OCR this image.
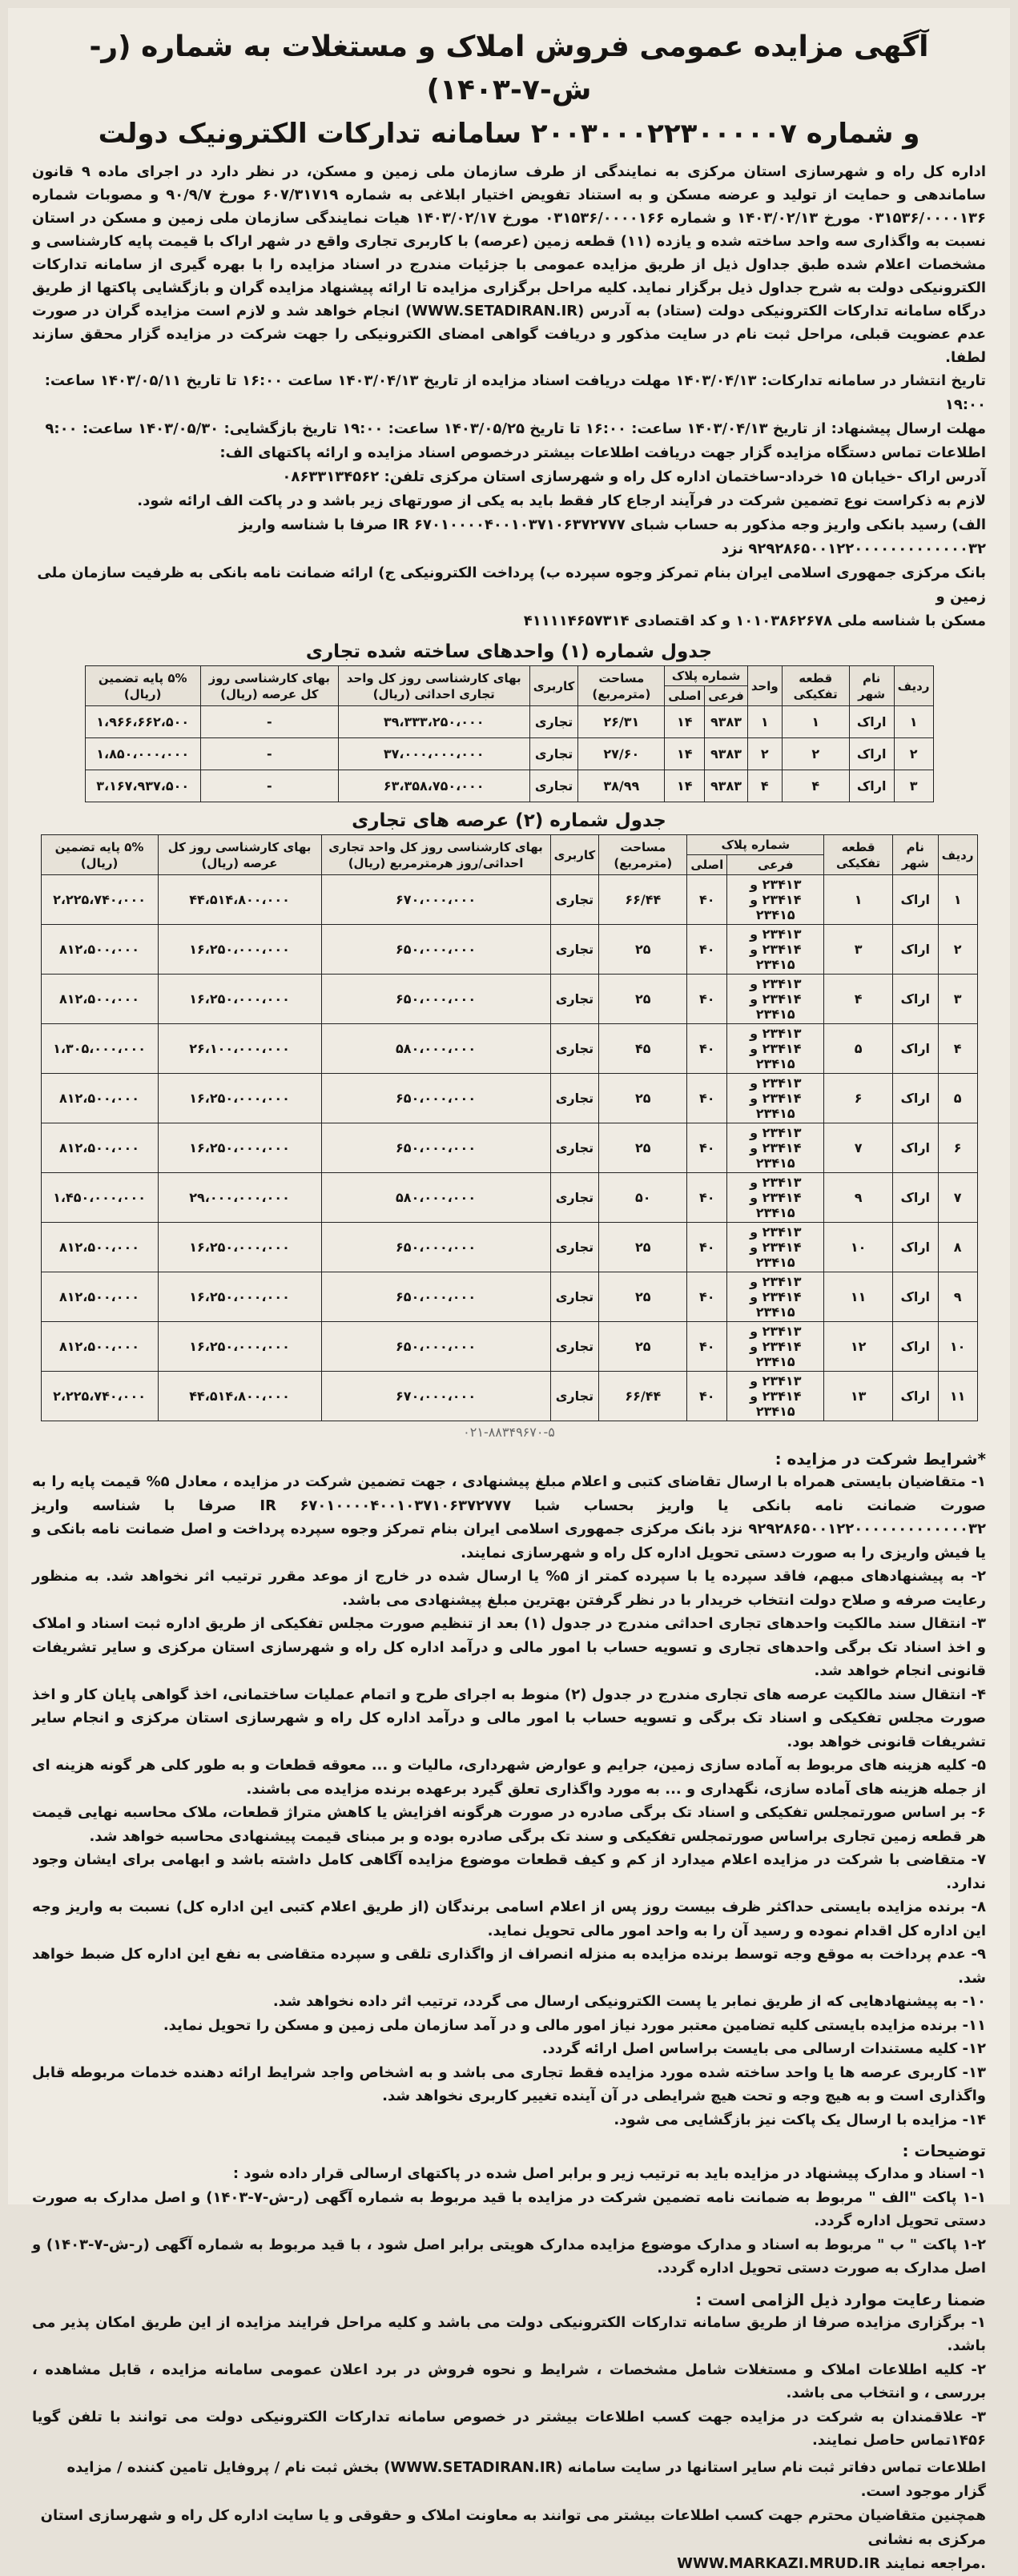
آگهی مزایده عمومی فروش املاک و مستغلات به شماره (ر-ش-۷-۱۴۰۳)
و شماره ۲۰۰۳۰۰۰۲۲۳۰۰۰۰۰۷ سامانه تدارکات الکترونیک دولت

اداره کل راه و شهرسازی استان مرکزی به نمایندگی از طرف سازمان ملی زمین و مسکن، در نظر دارد در اجرای ماده ۹ قانون ساماندهی و حمایت از تولید و عرضه مسکن و به استناد تفویض اختیار ابلاغی به شماره ۶۰۷/۳۱۷۱۹ مورخ ۹۰/۹/۷ و مصوبات شماره ۰۳۱۵۳۶/۰۰۰۰۱۳۶ مورخ ۱۴۰۳/۰۲/۱۳ و شماره ۰۳۱۵۳۶/۰۰۰۰۱۶۶ مورخ ۱۴۰۳/۰۲/۱۷ هیات نمایندگی سازمان ملی زمین و مسکن در استان نسبت به واگذاری سه واحد ساخته شده و یازده (۱۱) قطعه زمین (عرصه) با کاربری تجاری واقع در شهر اراک با قیمت پایه کارشناسی و مشخصات اعلام شده طبق جداول ذیل از طریق مزایده عمومی با جزئیات مندرج در اسناد مزایده را با بهره گیری از سامانه تدارکات الکترونیکی دولت به شرح جداول ذیل برگزار نماید. کلیه مراحل برگزاری مزایده تا ارائه پیشنهاد مزایده گران و بازگشایی پاکتها از طریق درگاه سامانه تدارکات الکترونیکی دولت (ستاد) به آدرس (WWW.SETADIRAN.IR) انجام خواهد شد و لازم است مزایده گران در صورت عدم عضویت قبلی، مراحل ثبت نام در سایت مذکور و دریافت گواهی امضای الکترونیکی را جهت شرکت در مزایده گزار محقق سازند لطفا.

تاریخ انتشار در سامانه تدارکات: ۱۴۰۳/۰۴/۱۳ مهلت دریافت اسناد مزایده از تاریخ ۱۴۰۳/۰۴/۱۳ ساعت ۱۶:۰۰ تا تاریخ ۱۴۰۳/۰۵/۱۱ ساعت: ۱۹:۰۰
مهلت ارسال پیشنهاد: از تاریخ ۱۴۰۳/۰۴/۱۳ ساعت: ۱۶:۰۰ تا تاریخ ۱۴۰۳/۰۵/۲۵ ساعت: ۱۹:۰۰ تاریخ بازگشایی: ۱۴۰۳/۰۵/۳۰ ساعت: ۹:۰۰
اطلاعات تماس دستگاه مزایده گزار جهت دریافت اطلاعات بیشتر درخصوص اسناد مزایده و ارائه پاکتهای الف:
آدرس اراک -خیابان ۱۵ خرداد-ساختمان اداره کل راه و شهرسازی استان مرکزی تلفن: ۰۸۶۳۳۱۳۴۵۶۲
لازم به ذکراست نوع تضمین شرکت در فرآیند ارجاع کار فقط باید به یکی از صورتهای زیر باشد و در پاکت الف ارائه شود.
الف) رسید بانکی واریز وجه مذکور به حساب شبای IR ۶۷۰۱۰۰۰۰۴۰۰۱۰۳۷۱۰۶۳۷۲۷۷۷ صرفا با شناسه واریز ۹۲۹۲۸۶۵۰۰۱۲۲۰۰۰۰۰۰۰۰۰۰۰۰۰۳۲ نزد
بانک مرکزی جمهوری اسلامی ایران بنام تمرکز وجوه سپرده ب) پرداخت الکترونیکی ج) ارائه ضمانت نامه بانکی به ظرفیت سازمان ملی زمین و
مسکن با شناسه ملی ۱۰۱۰۳۸۶۲۶۷۸ و کد اقتصادی ۴۱۱۱۱۴۶۵۷۳۱۴
جدول شماره (۱) واحدهای ساخته شده تجاری
ردیف	نام شهر	قطعه تفکیکی	واحد	شماره پلاک		مساحت (مترمربع)	کاربری	بهای کارشناسی روز کل واحد تجاری احداثی (ریال)	بهای کارشناسی روز کل عرصه (ریال)	۵% پایه تضمین (ریال)
				فرعی	اصلی					
۱	اراک	۱	۱	۹۳۸۳	۱۴	۲۶/۳۱	تجاری	۳۹،۳۳۳،۲۵۰،۰۰۰	-	۱،۹۶۶،۶۶۲،۵۰۰
۲	اراک	۲	۲	۹۳۸۳	۱۴	۲۷/۶۰	تجاری	۳۷،۰۰۰،۰۰۰،۰۰۰	-	۱،۸۵۰،۰۰۰،۰۰۰
۳	اراک	۴	۴	۹۳۸۳	۱۴	۳۸/۹۹	تجاری	۶۳،۳۵۸،۷۵۰،۰۰۰	-	۳،۱۶۷،۹۳۷،۵۰۰
جدول شماره (۲) عرصه های تجاری
ردیف	نام شهر	قطعه تفکیکی	شماره پلاک		مساحت (مترمربع)	کاربری	بهای کارشناسی روز کل واحد تجاری احداثی/روز هرمترمربع (ریال)	بهای کارشناسی روز کل عرصه (ریال)	۵% پایه تضمین (ریال)
			فرعی	اصلی					
۱	اراک	۱	۲۳۴۱۳ و ۲۳۴۱۴ و ۲۳۴۱۵	۴۰	۶۶/۴۴	تجاری	۶۷۰،۰۰۰،۰۰۰	۴۴،۵۱۴،۸۰۰،۰۰۰	۲،۲۲۵،۷۴۰،۰۰۰
۲	اراک	۳	۲۳۴۱۳ و ۲۳۴۱۴ و ۲۳۴۱۵	۴۰	۲۵	تجاری	۶۵۰،۰۰۰،۰۰۰	۱۶،۲۵۰،۰۰۰،۰۰۰	۸۱۲،۵۰۰،۰۰۰
۳	اراک	۴	۲۳۴۱۳ و ۲۳۴۱۴ و ۲۳۴۱۵	۴۰	۲۵	تجاری	۶۵۰،۰۰۰،۰۰۰	۱۶،۲۵۰،۰۰۰،۰۰۰	۸۱۲،۵۰۰،۰۰۰
۴	اراک	۵	۲۳۴۱۳ و ۲۳۴۱۴ و ۲۳۴۱۵	۴۰	۴۵	تجاری	۵۸۰،۰۰۰،۰۰۰	۲۶،۱۰۰،۰۰۰،۰۰۰	۱،۳۰۵،۰۰۰،۰۰۰
۵	اراک	۶	۲۳۴۱۳ و ۲۳۴۱۴ و ۲۳۴۱۵	۴۰	۲۵	تجاری	۶۵۰،۰۰۰،۰۰۰	۱۶،۲۵۰،۰۰۰،۰۰۰	۸۱۲،۵۰۰،۰۰۰
۶	اراک	۷	۲۳۴۱۳ و ۲۳۴۱۴ و ۲۳۴۱۵	۴۰	۲۵	تجاری	۶۵۰،۰۰۰،۰۰۰	۱۶،۲۵۰،۰۰۰،۰۰۰	۸۱۲،۵۰۰،۰۰۰
۷	اراک	۹	۲۳۴۱۳ و ۲۳۴۱۴ و ۲۳۴۱۵	۴۰	۵۰	تجاری	۵۸۰،۰۰۰،۰۰۰	۲۹،۰۰۰،۰۰۰،۰۰۰	۱،۴۵۰،۰۰۰،۰۰۰
۸	اراک	۱۰	۲۳۴۱۳ و ۲۳۴۱۴ و ۲۳۴۱۵	۴۰	۲۵	تجاری	۶۵۰،۰۰۰،۰۰۰	۱۶،۲۵۰،۰۰۰،۰۰۰	۸۱۲،۵۰۰،۰۰۰
۹	اراک	۱۱	۲۳۴۱۳ و ۲۳۴۱۴ و ۲۳۴۱۵	۴۰	۲۵	تجاری	۶۵۰،۰۰۰،۰۰۰	۱۶،۲۵۰،۰۰۰،۰۰۰	۸۱۲،۵۰۰،۰۰۰
۱۰	اراک	۱۲	۲۳۴۱۳ و ۲۳۴۱۴ و ۲۳۴۱۵	۴۰	۲۵	تجاری	۶۵۰،۰۰۰،۰۰۰	۱۶،۲۵۰،۰۰۰،۰۰۰	۸۱۲،۵۰۰،۰۰۰
۱۱	اراک	۱۳	۲۳۴۱۳ و ۲۳۴۱۴ و ۲۳۴۱۵	۴۰	۶۶/۴۴	تجاری	۶۷۰،۰۰۰،۰۰۰	۴۴،۵۱۴،۸۰۰،۰۰۰	۲،۲۲۵،۷۴۰،۰۰۰
۰۲۱-۸۸۳۴۹۶۷۰-۵
*شرایط شرکت در مزایده :

۱- متقاضیان بایستی همراه با ارسال تقاضای کتبی و اعلام مبلغ پیشنهادی ، جهت تضمین شرکت در مزایده ، معادل ۵% قیمت پایه را به صورت ضمانت نامه بانکی یا واریز بحساب شبا IR ۶۷۰۱۰۰۰۰۴۰۰۱۰۳۷۱۰۶۳۷۲۷۷۷ صرفا با شناسه واریز ۹۲۹۲۸۶۵۰۰۱۲۲۰۰۰۰۰۰۰۰۰۰۰۰۰۳۲ نزد بانک مرکزی جمهوری اسلامی ایران بنام تمرکز وجوه سپرده پرداخت و اصل ضمانت نامه بانکی و یا فیش واریزی را به صورت دستی تحویل اداره کل راه و شهرسازی نمایند.

۲- به پیشنهادهای مبهم، فاقد سپرده یا با سپرده کمتر از ۵% یا ارسال شده در خارج از موعد مقرر ترتیب اثر نخواهد شد. به منظور رعایت صرفه و صلاح دولت انتخاب خریدار با در نظر گرفتن بهترین مبلغ پیشنهادی می باشد.

۳- انتقال سند مالکیت واحدهای تجاری احداثی مندرج در جدول (۱) بعد از تنظیم صورت مجلس تفکیکی از طریق اداره ثبت اسناد و املاک و اخذ اسناد تک برگی واحدهای تجاری و تسویه حساب با امور مالی و درآمد اداره کل راه و شهرسازی استان مرکزی و سایر تشریفات قانونی انجام خواهد شد.

۴- انتقال سند مالکیت عرصه های تجاری مندرج در جدول (۲) منوط به اجرای طرح و اتمام عملیات ساختمانی، اخذ گواهی پایان کار و اخذ صورت مجلس تفکیکی و اسناد تک برگی و تسویه حساب با امور مالی و درآمد اداره کل راه و شهرسازی استان مرکزی و انجام سایر تشریفات قانونی خواهد بود.

۵- کلیه هزینه های مربوط به آماده سازی زمین، جرایم و عوارض شهرداری، مالیات و ... معوقه قطعات و به طور کلی هر گونه هزینه ای از جمله هزینه های آماده سازی، نگهداری و ... به مورد واگذاری تعلق گیرد برعهده برنده مزایده می باشند.

۶- بر اساس صورتمجلس تفکیکی و اسناد تک برگی صادره در صورت هرگونه افزایش یا کاهش متراژ قطعات، ملاک محاسبه نهایی قیمت هر قطعه زمین تجاری براساس صورتمجلس تفکیکی و سند تک برگی صادره بوده و بر مبنای قیمت پیشنهادی محاسبه خواهد شد.

۷- متقاضی با شرکت در مزایده اعلام میدارد از کم و کیف قطعات موضوع مزایده آگاهی کامل داشته باشد و ابهامی برای ایشان وجود ندارد.

۸- برنده مزایده بایستی حداکثر ظرف بیست روز پس از اعلام اسامی برندگان (از طریق اعلام کتبی این اداره کل) نسبت به واریز وجه این اداره کل اقدام نموده و رسید آن را به واحد امور مالی تحویل نماید.

۹- عدم پرداخت به موقع وجه توسط برنده مزایده به منزله انصراف از واگذاری تلقی و سپرده متقاضی به نفع این اداره کل ضبط خواهد شد.

۱۰- به پیشنهادهایی که از طریق نمابر یا پست الکترونیکی ارسال می گردد، ترتیب اثر داده نخواهد شد.

۱۱- برنده مزایده بایستی کلیه تضامین معتبر مورد نیاز امور مالی و در آمد سازمان ملی زمین و مسکن را تحویل نماید.

۱۲- کلیه مستندات ارسالی می بایست براساس اصل ارائه گردد.

۱۳- کاربری عرصه ها یا واحد ساخته شده مورد مزایده فقط تجاری می باشد و به اشخاص واجد شرایط ارائه دهنده خدمات مربوطه قابل واگذاری است و به هیچ وجه و تحت هیچ شرایطی در آن آینده تغییر کاربری نخواهد شد.

۱۴- مزایده با ارسال یک پاکت نیز بازگشایی می شود.

توضیحات :

۱- اسناد و مدارک پیشنهاد در مزایده باید به ترتیب زیر و برابر اصل شده در پاکتهای ارسالی قرار داده شود :

۱-۱ پاکت "الف " مربوط به ضمانت نامه تضمین شرکت در مزایده با قید مربوط به شماره آگهی (ر-ش-۷-۱۴۰۳) و اصل مدارک به صورت دستی تحویل اداره گردد.

۱-۲ پاکت " ب " مربوط به اسناد و مدارک موضوع مزایده مدارک هویتی برابر اصل شود ، با قید مربوط به شماره آگهی (ر-ش-۷-۱۴۰۳) و اصل مدارک به صورت دستی تحویل اداره گردد.

ضمنا رعایت موارد ذیل الزامی است :

۱- برگزاری مزایده صرفا از طریق سامانه تدارکات الکترونیکی دولت می باشد و کلیه مراحل فرایند مزایده از این طریق امکان پذیر می باشد.

۲- کلیه اطلاعات املاک و مستغلات شامل مشخصات ، شرایط و نحوه فروش در برد اعلان عمومی سامانه مزایده ، قابل مشاهده ، بررسی ، و انتخاب می باشد.

۳- علاقمندان به شرکت در مزایده جهت کسب اطلاعات بیشتر در خصوص سامانه تدارکات الکترونیکی دولت می توانند با تلفن گویا ۱۴۵۶تماس حاصل نمایند.

اطلاعات تماس دفاتر ثبت نام سایر استانها در سایت سامانه (WWW.SETADIRAN.IR) بخش ثبت نام / پروفایل تامین کننده / مزایده گزار موجود است.
همچنین متقاضیان محترم جهت کسب اطلاعات بیشتر می توانند به معاونت املاک و حقوقی و یا سایت اداره کل راه و شهرسازی استان مرکزی به نشانی
WWW.MARKAZI.MRUD.IR مراجعه نمایند.
